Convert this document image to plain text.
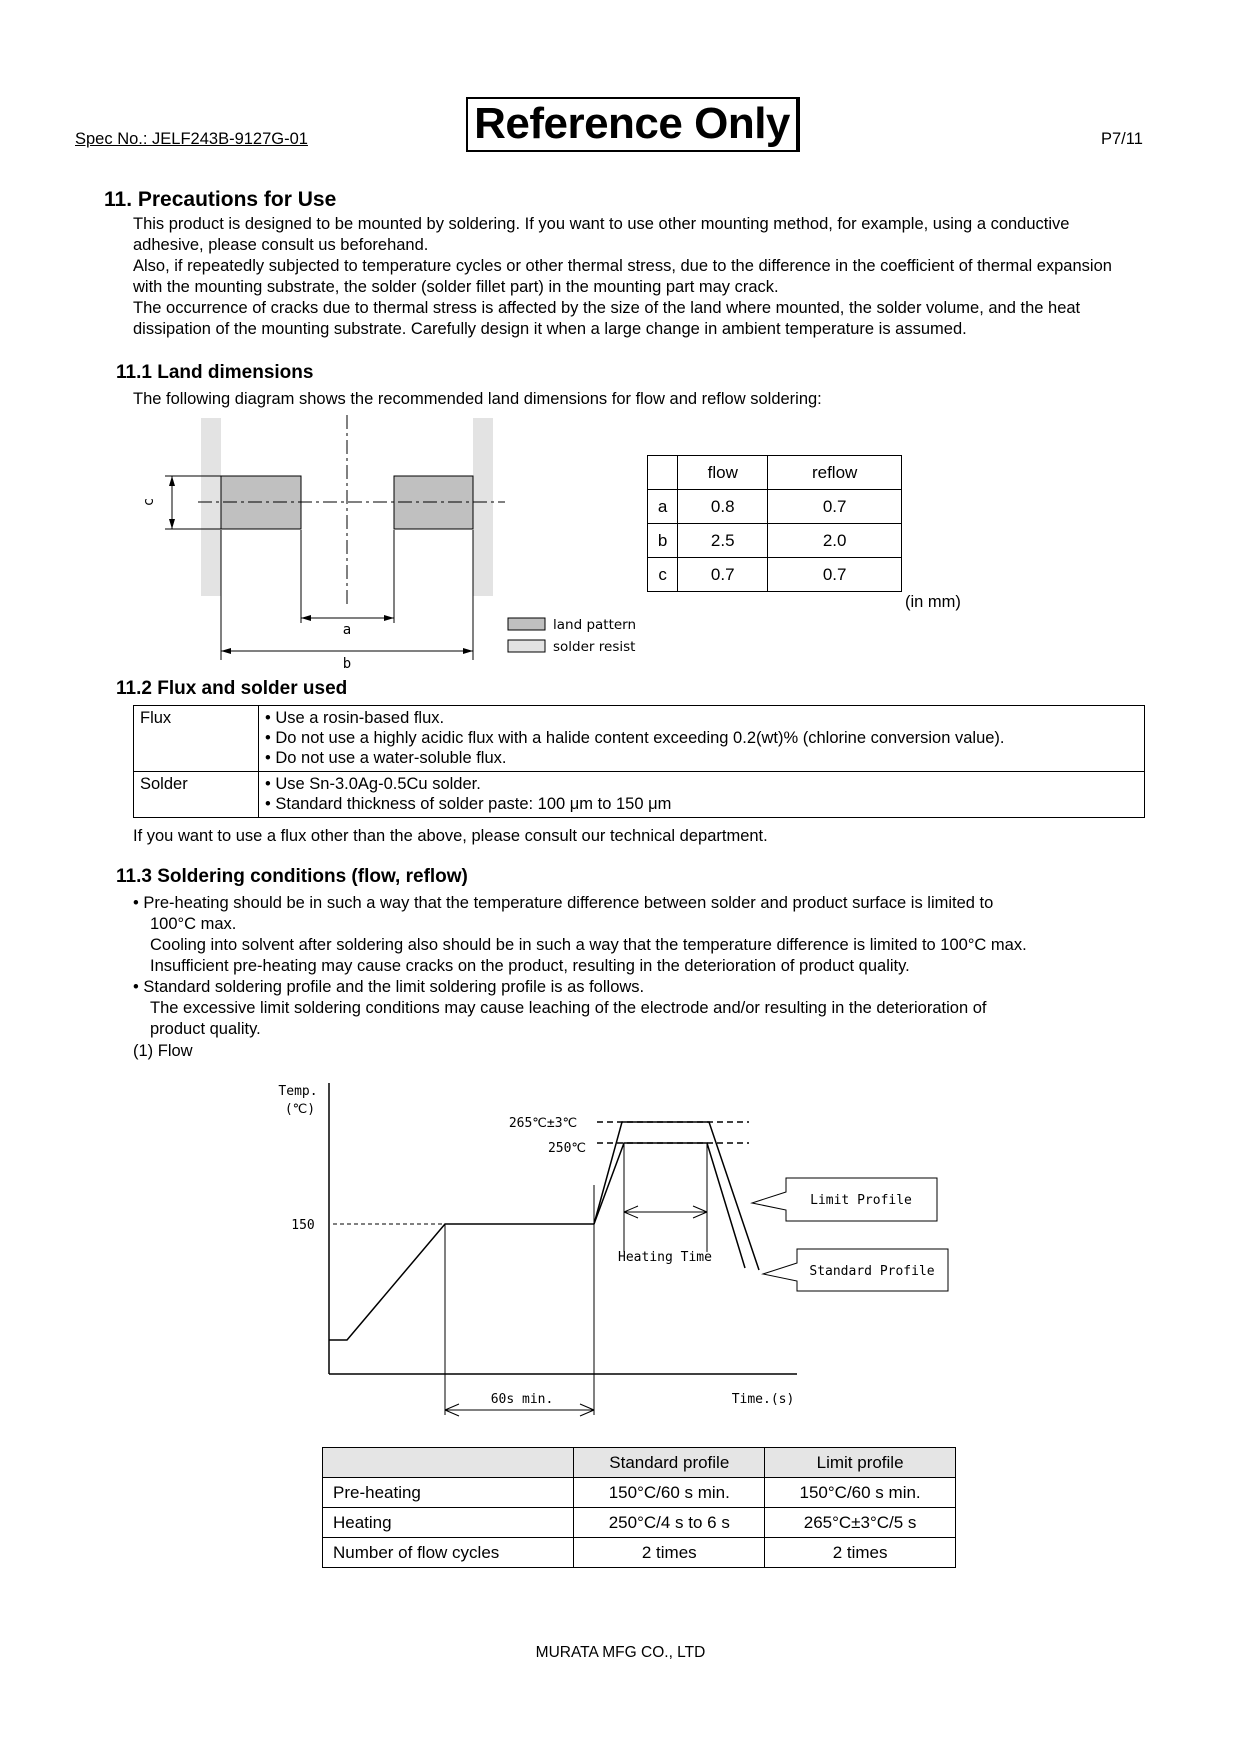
Spec No.: JELF243B-9127G-01	Reference Only	P7/11
11. Precautions for Use

This product is designed to be mounted by soldering. If you want to use other mounting method, for example, using a conductive adhesive, please consult us beforehand.

Also, if repeatedly subjected to temperature cycles or other thermal stress, due to the difference in the coefficient of thermal expansion with the mounting substrate, the solder (solder fillet part) in the mounting part may crack.

The occurrence of cracks due to thermal stress is affected by the size of the land where mounted, the solder volume, and the heat dissipation of the mounting substrate. Carefully design it when a large change in ambient temperature is assumed.

11.1 Land dimensions
The following diagram shows the recommended land dimensions for flow and reflow soldering:
a
b
c
land pattern
solder resist
	flow	reflow
a	0.8	0.7
b	2.5	2.0
c	0.7	0.7
(in mm)
11.2 Flux and solder used
Flux	• Use a rosin-based flux.

• Do not use a highly acidic flux with a halide content exceeding 0.2(wt)% (chlorine conversion value).

• Do not use a water-soluble flux.

Solder	• Use Sn-3.0Ag-0.5Cu solder.

• Standard thickness of solder paste: 100 μm to 150 μm

If you want to use a flux other than the above, please consult our technical department.
11.3 Soldering conditions (flow, reflow)
• Pre-heating should be in such a way that the temperature difference between solder and product surface is limited to
100°C max.
Cooling into solvent after soldering also should be in such a way that the temperature difference is limited to 100°C max.
Insufficient pre-heating may cause cracks on the product, resulting in the deterioration of product quality.
• Standard soldering profile and the limit soldering profile is as follows.
The excessive limit soldering conditions may cause leaching of the electrode and/or resulting in the deterioration of
product quality.
(1) Flow
Temp.
(℃)
150
265℃±3℃
250℃
Heating Time
60s min.	Time.(s)
Limit Profile
Standard Profile
	Standard profile	Limit profile
Pre-heating	150°C/60 s min.	150°C/60 s min.
Heating	250°C/4 s to 6 s	265°C±3°C/5 s
Number of flow cycles	2 times	2 times
MURATA MFG CO., LTD
